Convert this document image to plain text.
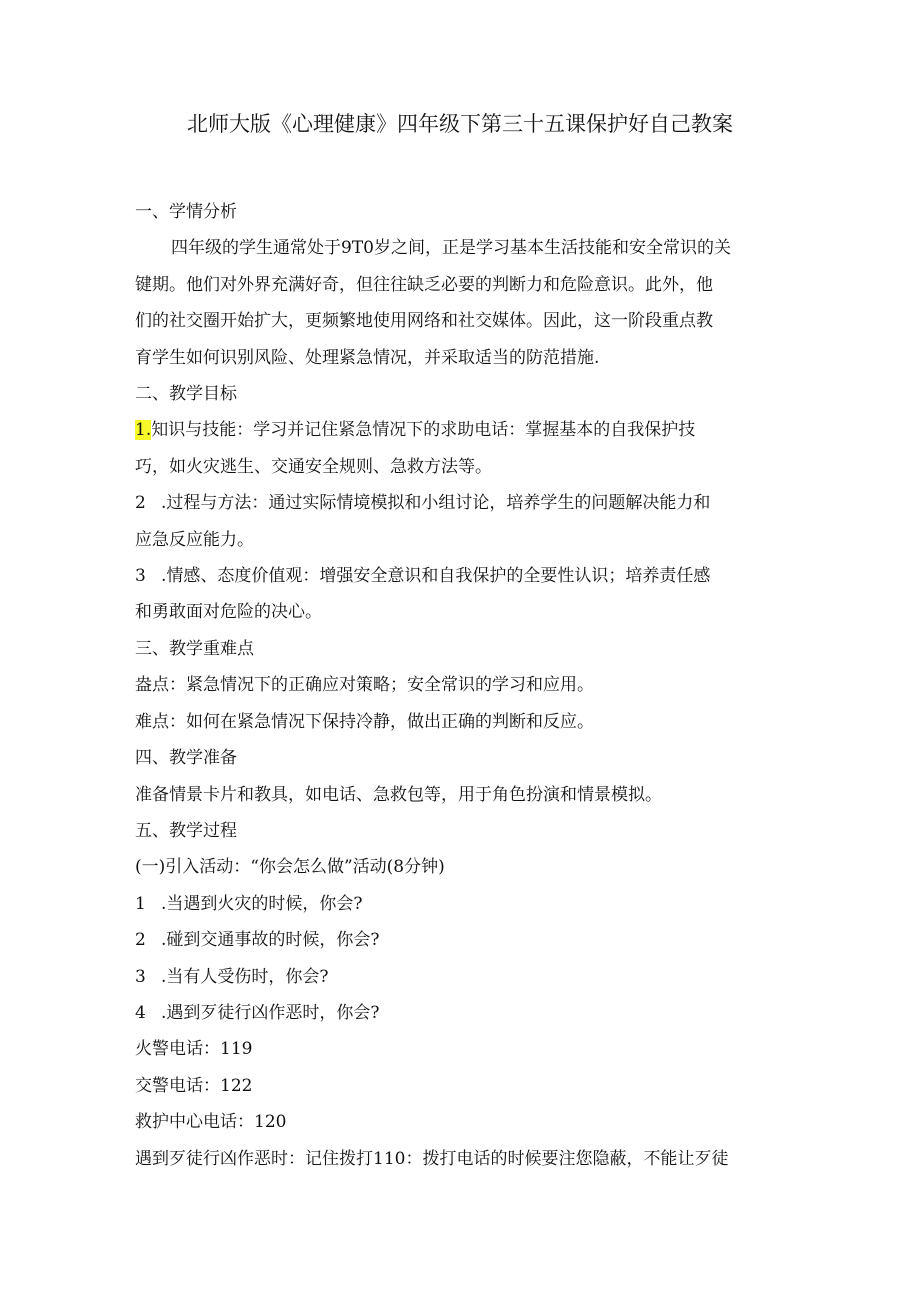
北师大版《心理健康》四年级下第三十五课保护好自己教案

一、学情分析

四年级的学生通常处于9T0岁之间，正是学习基本生活技能和安全常识的关

键期。他们对外界充满好奇，但往往缺乏必要的判断力和危险意识。此外，他

们的社交圈开始扩大，更频繁地使用网络和社交媒体。因此，这一阶段重点教

育学生如何识别风险、处理紧急情况，并采取适当的防范措施.

二、教学目标

1.知识与技能：学习并记住紧急情况下的求助电话：掌握基本的自我保护技

巧，如火灾逃生、交通安全规则、急救方法等。

2 .过程与方法：通过实际情境模拟和小组讨论，培养学生的问题解决能力和

应急反应能力。

3 .情感、态度价值观：增强安全意识和自我保护的全要性认识；培养责任感

和勇敢面对危险的决心。

三、教学重难点

盎点：紧急情况下的正确应对策略；安全常识的学习和应用。

难点：如何在紧急情况下保持冷静，做出正确的判断和反应。

四、教学准备

准备情景卡片和教具，如电话、急救包等，用于角色扮演和情景模拟。

五、教学过程

(一)引入活动：“你会怎么做”活动(8分钟)

1 .当遇到火灾的时候，你会?

2 .碰到交通事故的时候，你会?

3 .当有人受伤时，你会?

4 .遇到歹徒行凶作恶时，你会?

火警电话：119

交警电话：122

救护中心电话：120

遇到歹徒行凶作恶时：记住拨打110：拨打电话的时候要注您隐蔽，不能让歹徒
